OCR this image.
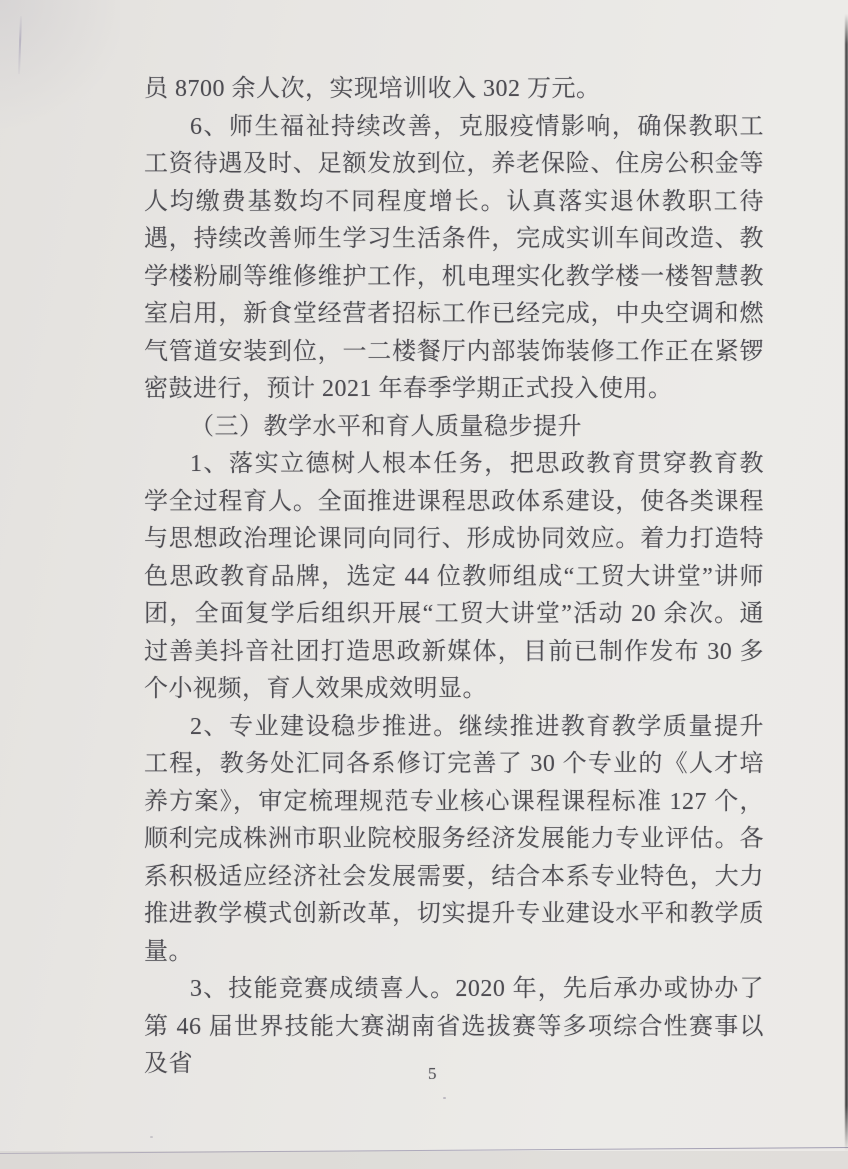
员 8700 余人次，实现培训收入 302 万元。

6、师生福祉持续改善，克服疫情影响，确保教职工工资待遇及时、足额发放到位，养老保险、住房公积金等人均缴费基数均不同程度增长。认真落实退休教职工待遇，持续改善师生学习生活条件，完成实训车间改造、教学楼粉刷等维修维护工作，机电理实化教学楼一楼智慧教室启用，新食堂经营者招标工作已经完成，中央空调和燃气管道安装到位，一二楼餐厅内部装饰装修工作正在紧锣密鼓进行，预计 2021 年春季学期正式投入使用。

（三）教学水平和育人质量稳步提升

1、落实立德树人根本任务，把思政教育贯穿教育教学全过程育人。全面推进课程思政体系建设，使各类课程与思想政治理论课同向同行、形成协同效应。着力打造特色思政教育品牌，选定 44 位教师组成“工贸大讲堂”讲师团，全面复学后组织开展“工贸大讲堂”活动 20 余次。通过善美抖音社团打造思政新媒体，目前已制作发布 30 多个小视频，育人效果成效明显。

2、专业建设稳步推进。继续推进教育教学质量提升工程，教务处汇同各系修订完善了 30 个专业的《人才培养方案》，审定梳理规范专业核心课程课程标准 127 个，顺利完成株洲市职业院校服务经济发展能力专业评估。各系积极适应经济社会发展需要，结合本系专业特色，大力推进教学模式创新改革，切实提升专业建设水平和教学质量。

3、技能竞赛成绩喜人。2020 年，先后承办或协办了第 46 届世界技能大赛湖南省选拔赛等多项综合性赛事以及省	5
